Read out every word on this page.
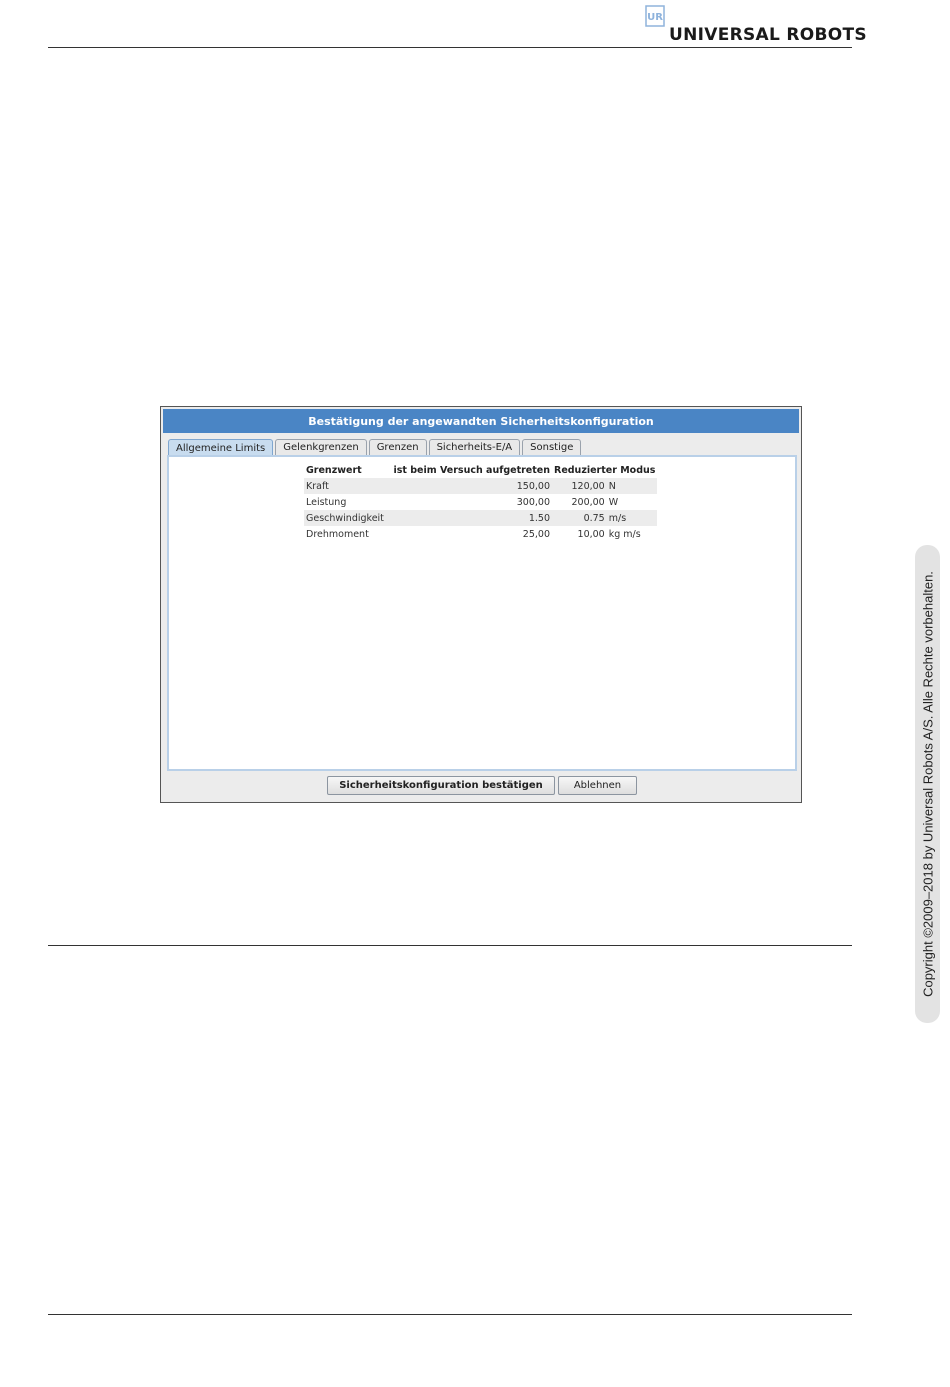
UR
UNIVERSAL ROBOTS
Bestätigung der angewandten Sicherheitskonfiguration
Allgemeine Limits	Gelenkgrenzen	Grenzen	Sicherheits-E/A	Sonstige
Grenzwert	ist beim Versuch aufgetreten	Reduzierter Modus	
Kraft	150,00	120,00	N
Leistung	300,00	200,00	W
Geschwindigkeit	1.50	0.75	m/s
Drehmoment	25,00	10,00	kg m/s
Sicherheitskonfiguration bestätigen	Ablehnen	Copyright ©2009–2018 by Universal Robots A/S. Alle Rechte vorbehalten.
